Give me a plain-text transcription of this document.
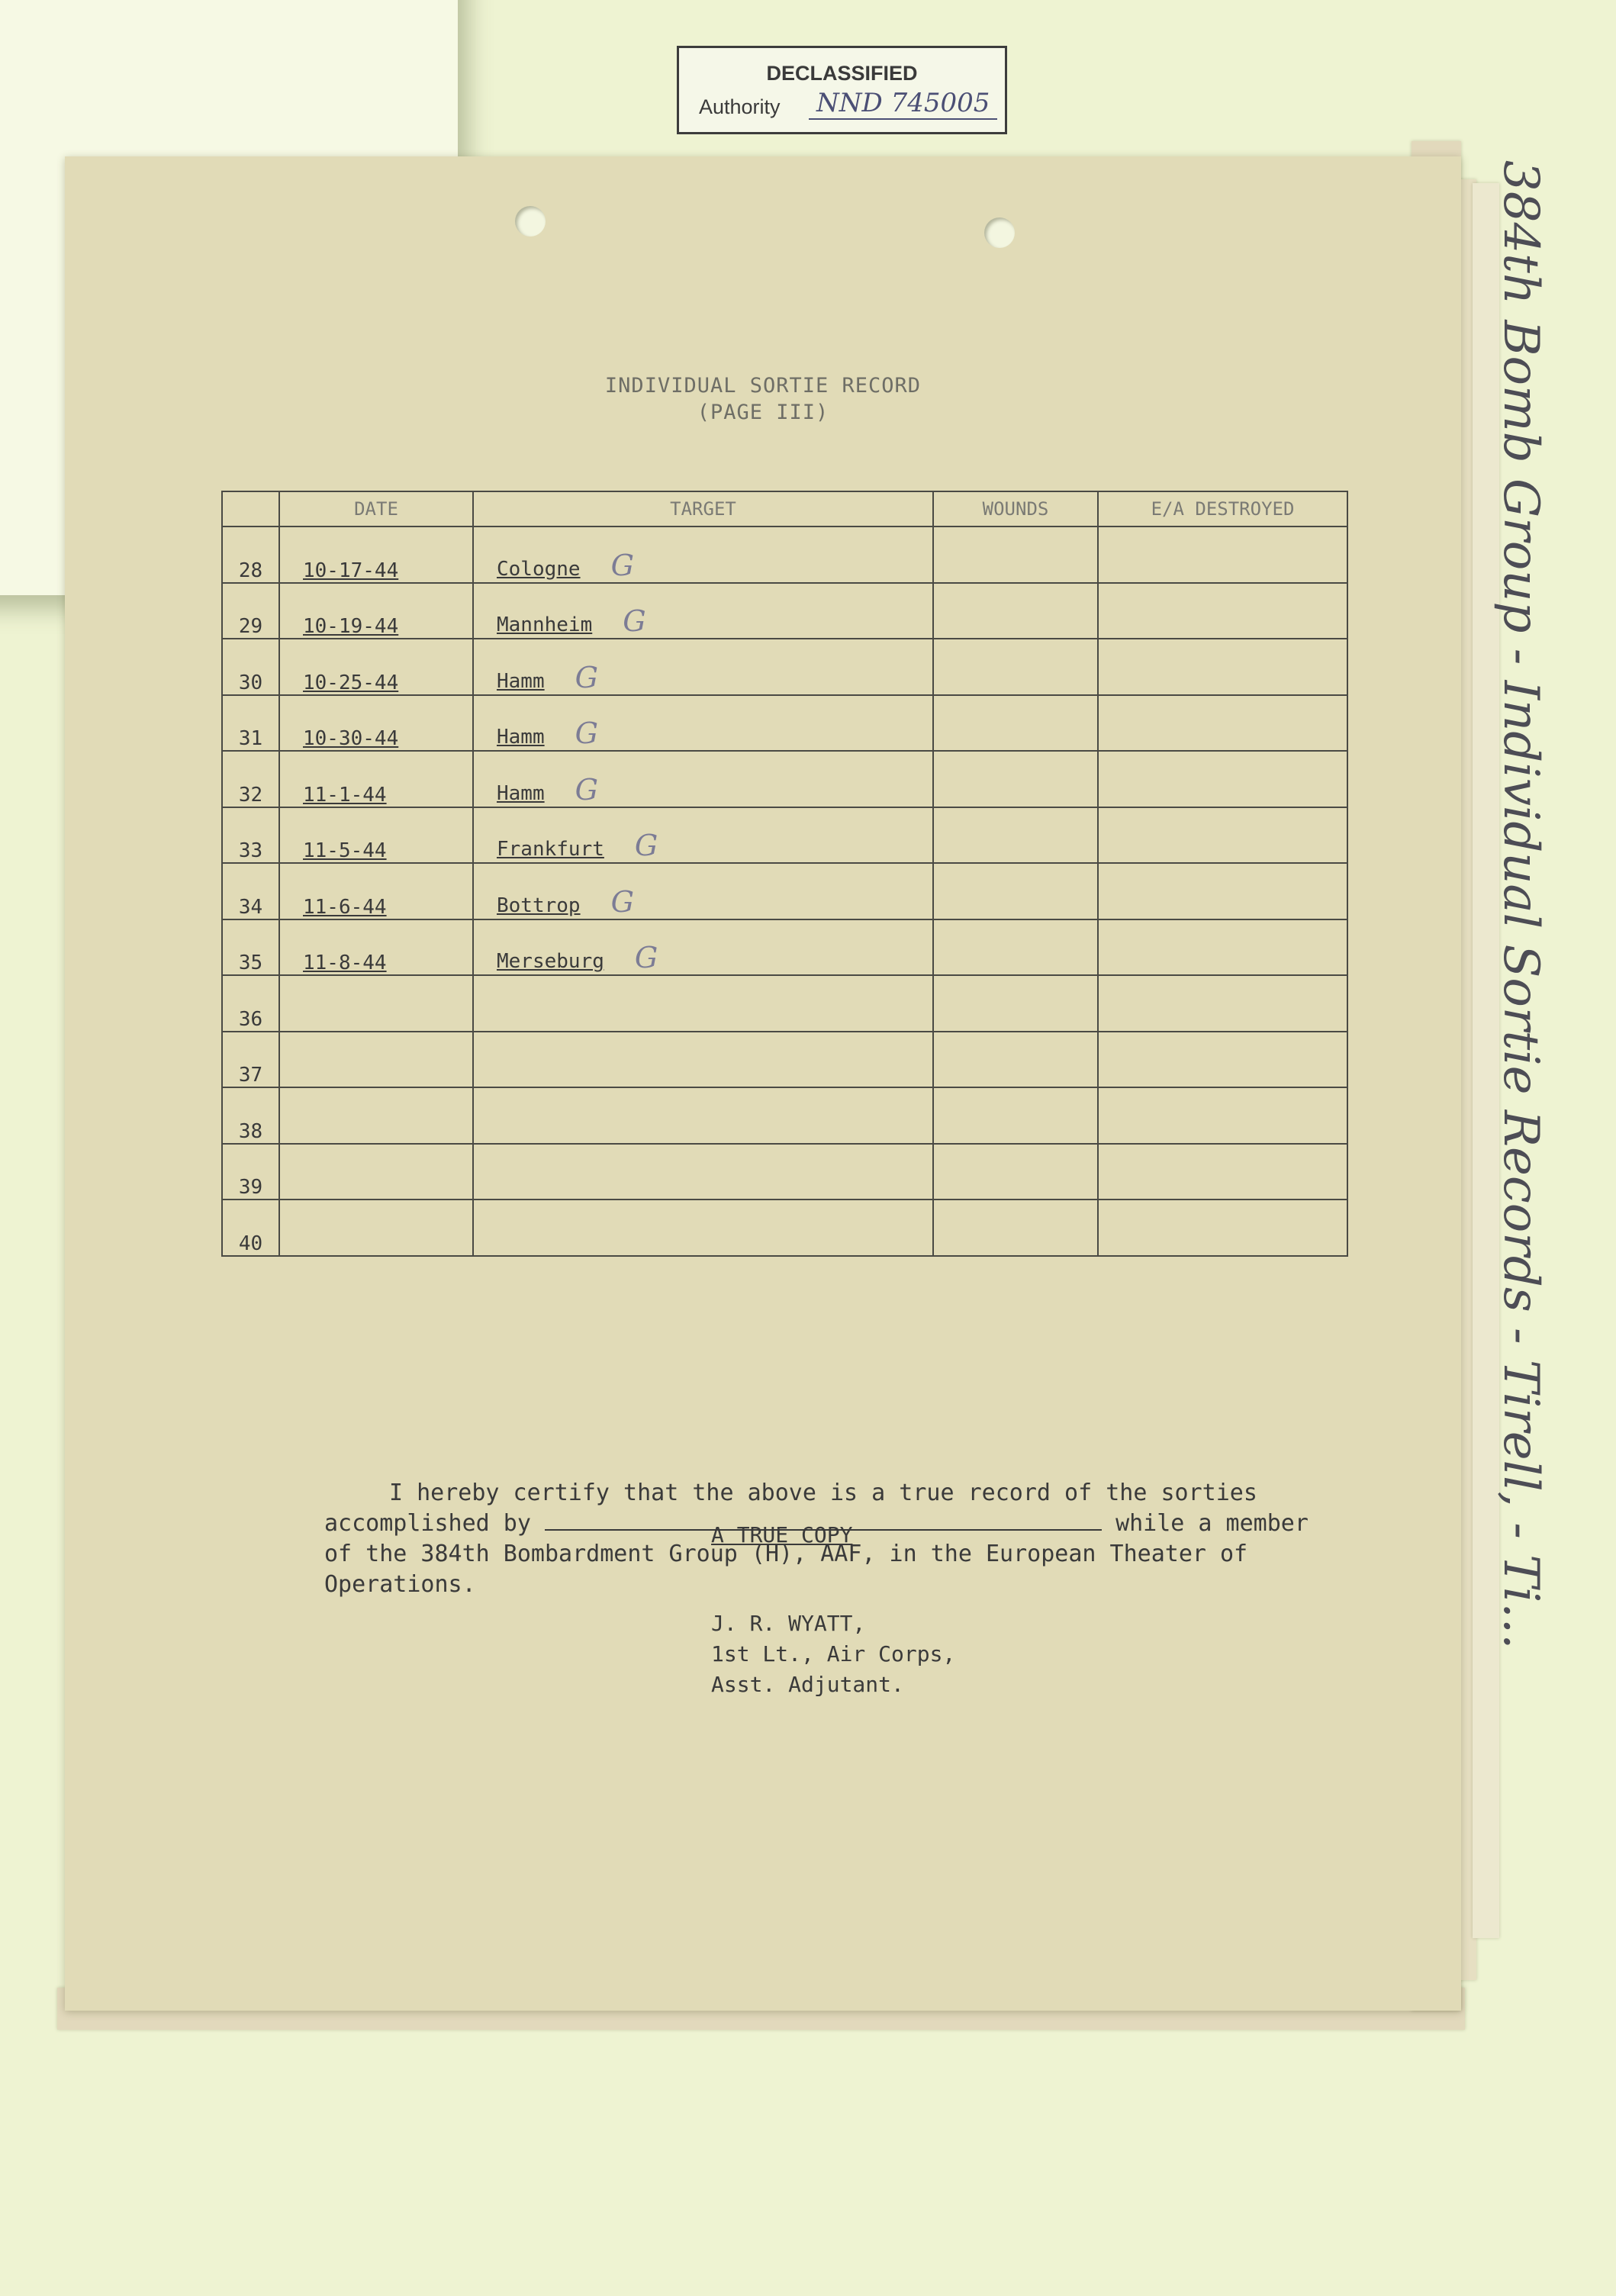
DECLASSIFIED
Authority NND 745005
384th Bomb Group - Individual Sortie Records - Tirell, - Ti...
INDIVIDUAL SORTIE RECORD
(PAGE III)
	DATE	TARGET	WOUNDS	E/A DESTROYED
28	10-17-44	Cologne G		
29	10-19-44	Mannheim G		
30	10-25-44	Hamm G		
31	10-30-44	Hamm G		
32	11-1-44	Hamm G		
33	11-5-44	Frankfurt G		
34	11-6-44	Bottrop G		
35	11-8-44	Merseburg G		
36				
37				
38				
39				
40				
I hereby certify that the above is a true record of the sorties
accomplished by	while a member
of the 384th Bombardment Group (H), AAF, in the European Theater of
Operations.
A TRUE COPY
J. R. WYATT,
1st Lt., Air Corps,
Asst. Adjutant.
